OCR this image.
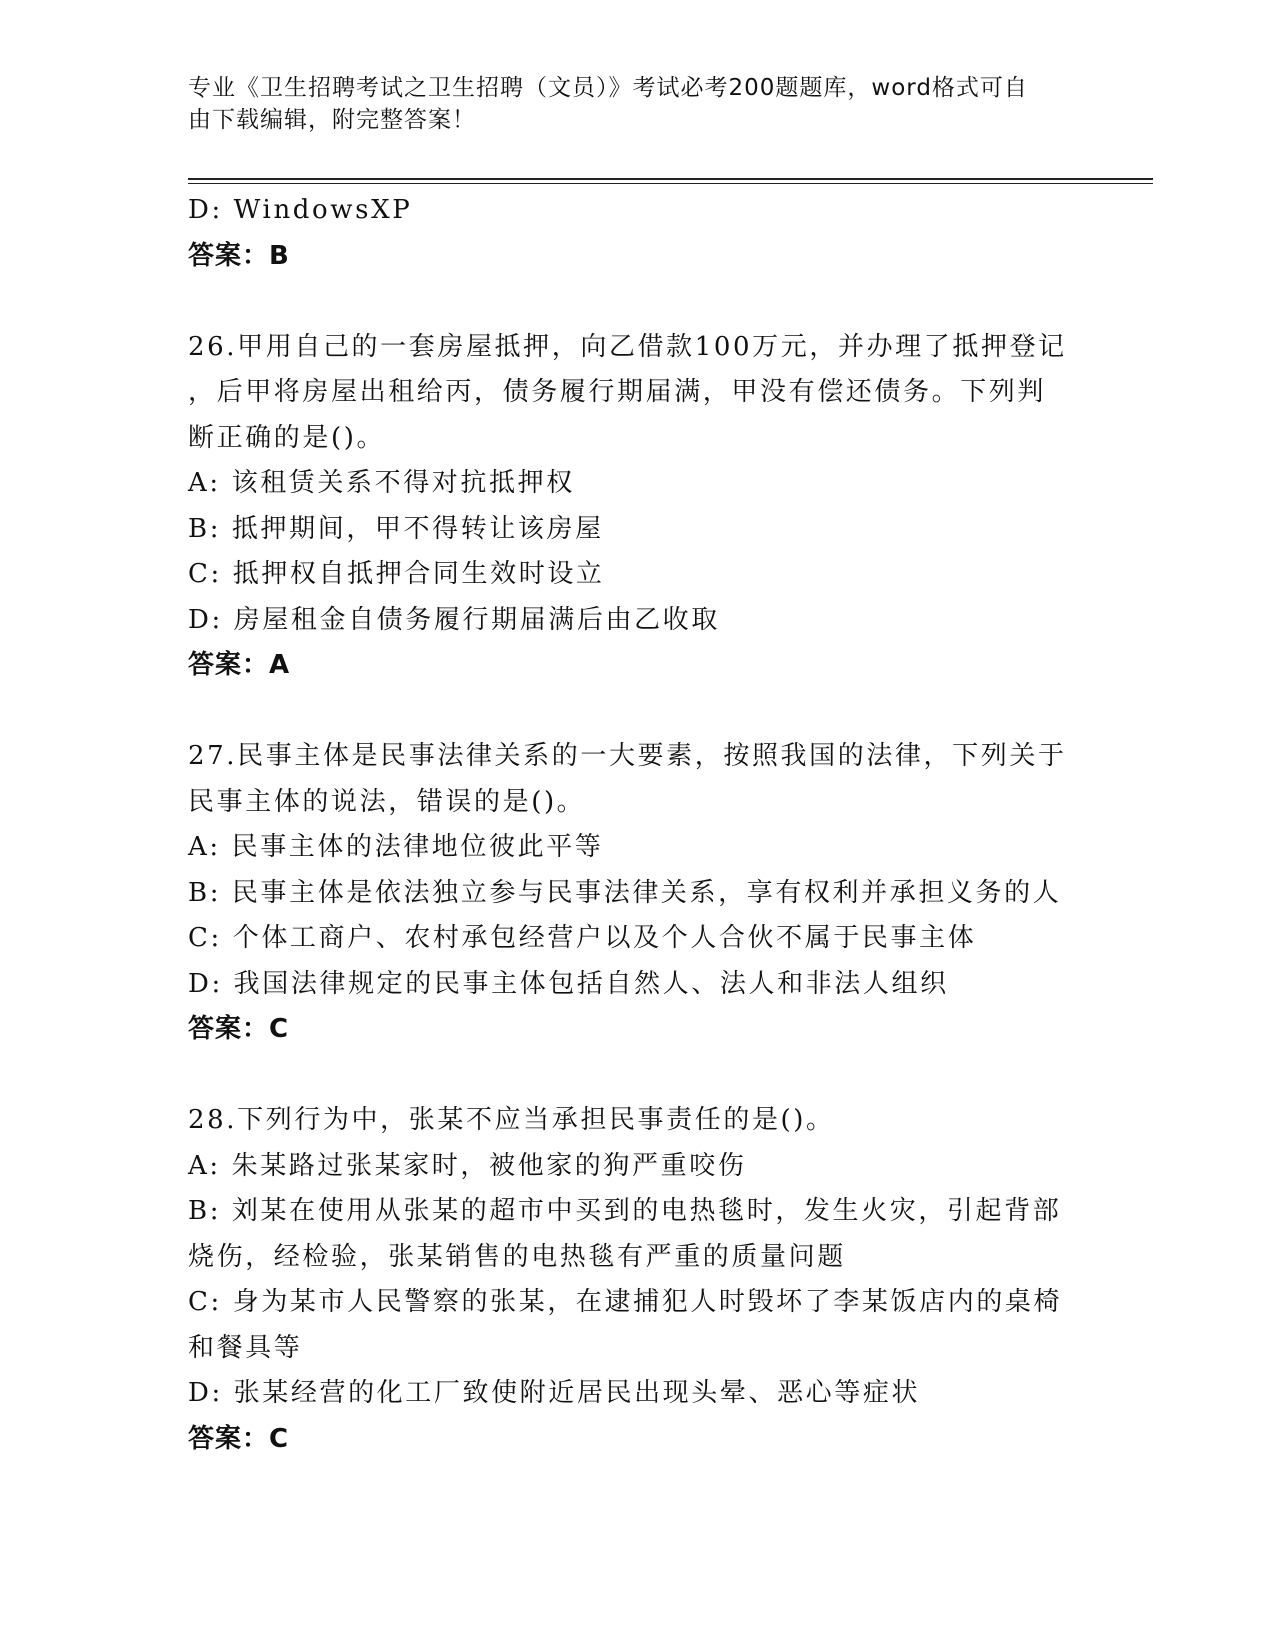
专业《卫生招聘考试之卫生招聘（文员）》考试必考200题题库，word格式可自
由下载编辑，附完整答案！
D: WindowsXP
答案：B
26.甲用自己的一套房屋抵押，向乙借款100万元，并办理了抵押登记
，后甲将房屋出租给丙，债务履行期届满，甲没有偿还债务。下列判
断正确的是()。
A: 该租赁关系不得对抗抵押权
B: 抵押期间，甲不得转让该房屋
C: 抵押权自抵押合同生效时设立
D: 房屋租金自债务履行期届满后由乙收取
答案：A
27.民事主体是民事法律关系的一大要素，按照我国的法律，下列关于
民事主体的说法，错误的是()。
A: 民事主体的法律地位彼此平等
B: 民事主体是依法独立参与民事法律关系，享有权利并承担义务的人
C: 个体工商户、农村承包经营户以及个人合伙不属于民事主体
D: 我国法律规定的民事主体包括自然人、法人和非法人组织
答案：C
28.下列行为中，张某不应当承担民事责任的是()。
A: 朱某路过张某家时，被他家的狗严重咬伤
B: 刘某在使用从张某的超市中买到的电热毯时，发生火灾，引起背部
烧伤，经检验，张某销售的电热毯有严重的质量问题
C: 身为某市人民警察的张某，在逮捕犯人时毁坏了李某饭店内的桌椅
和餐具等
D: 张某经营的化工厂致使附近居民出现头晕、恶心等症状
答案：C
